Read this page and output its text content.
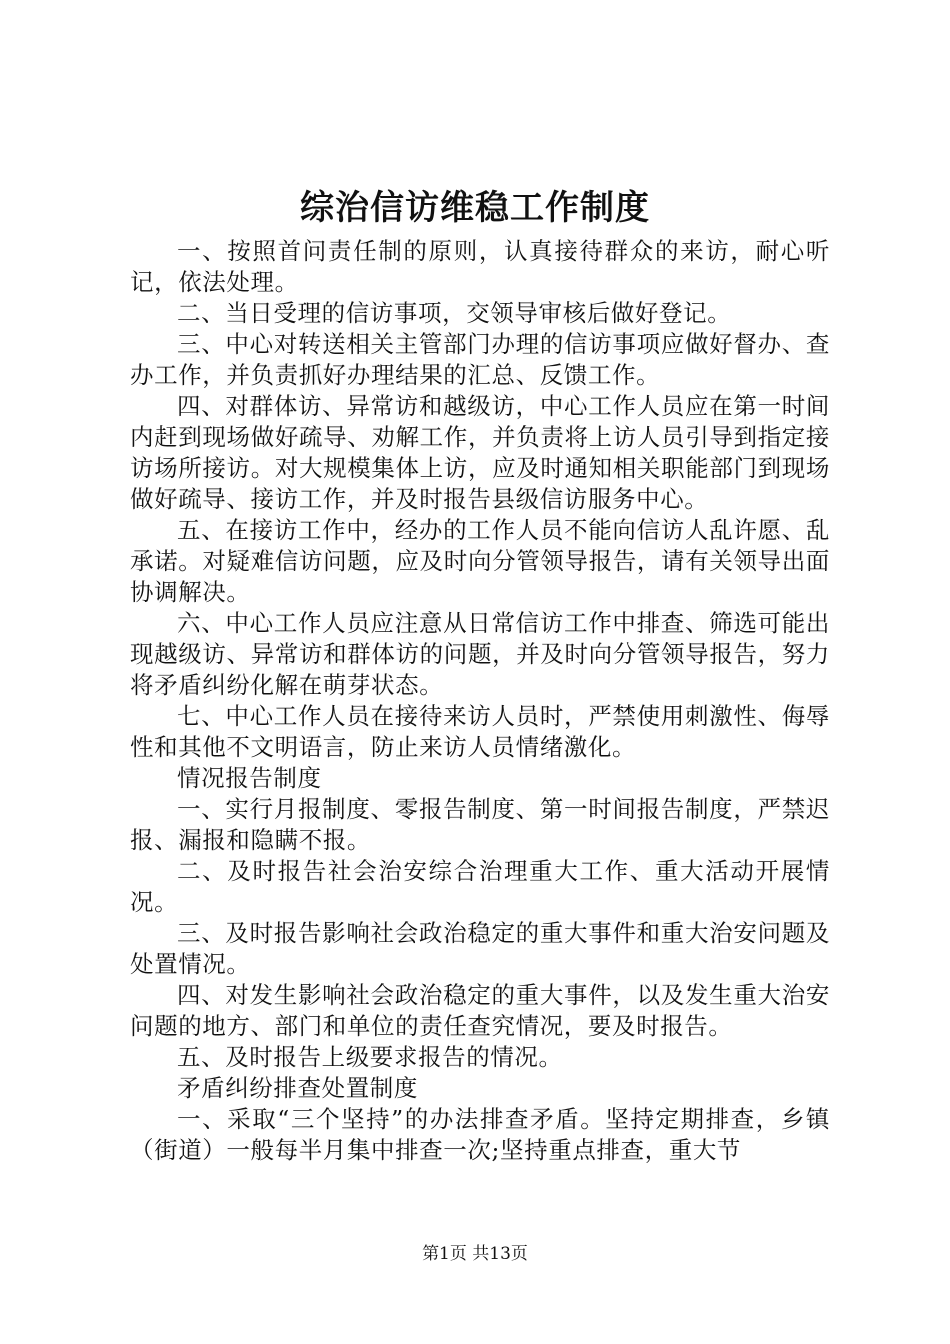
综治信访维稳工作制度

一、按照首问责任制的原则，认真接待群众的来访，耐心听记，依法处理。

二、当日受理的信访事项，交领导审核后做好登记。

三、中心对转送相关主管部门办理的信访事项应做好督办、查办工作，并负责抓好办理结果的汇总、反馈工作。

四、对群体访、异常访和越级访，中心工作人员应在第一时间内赶到现场做好疏导、劝解工作，并负责将上访人员引导到指定接访场所接访。对大规模集体上访，应及时通知相关职能部门到现场做好疏导、接访工作，并及时报告县级信访服务中心。

五、在接访工作中，经办的工作人员不能向信访人乱许愿、乱承诺。对疑难信访问题，应及时向分管领导报告，请有关领导出面协调解决。

六、中心工作人员应注意从日常信访工作中排查、筛选可能出现越级访、异常访和群体访的问题，并及时向分管领导报告，努力将矛盾纠纷化解在萌芽状态。

七、中心工作人员在接待来访人员时，严禁使用刺激性、侮辱性和其他不文明语言，防止来访人员情绪激化。

情况报告制度

一、实行月报制度、零报告制度、第一时间报告制度，严禁迟报、漏报和隐瞒不报。

二、及时报告社会治安综合治理重大工作、重大活动开展情况。

三、及时报告影响社会政治稳定的重大事件和重大治安问题及处置情况。

四、对发生影响社会政治稳定的重大事件，以及发生重大治安问题的地方、部门和单位的责任查究情况，要及时报告。

五、及时报告上级要求报告的情况。

矛盾纠纷排查处置制度

一、采取“三个坚持”的办法排查矛盾。坚持定期排查，乡镇（街道）一般每半月集中排查一次;坚持重点排查，重大节

第1页 共13页
